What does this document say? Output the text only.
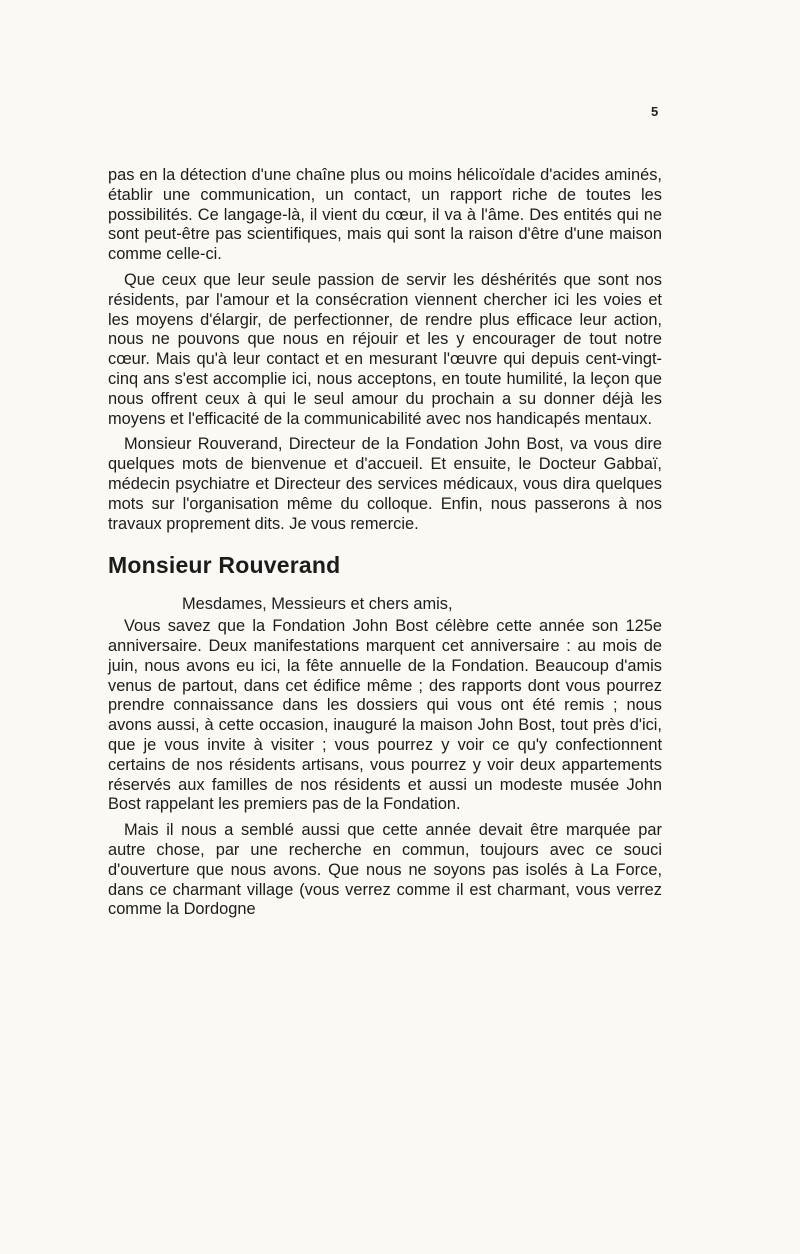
5

pas en la détection d'une chaîne plus ou moins hélicoïdale d'acides aminés, établir une communication, un contact, un rapport riche de toutes les possibilités. Ce langage-là, il vient du cœur, il va à l'âme. Des entités qui ne sont peut-être pas scientifiques, mais qui sont la raison d'être d'une maison comme celle-ci.

Que ceux que leur seule passion de servir les déshérités que sont nos résidents, par l'amour et la consécration viennent chercher ici les voies et les moyens d'élargir, de perfectionner, de rendre plus efficace leur action, nous ne pouvons que nous en réjouir et les y encourager de tout notre cœur. Mais qu'à leur contact et en mesurant l'œuvre qui depuis cent-vingt-cinq ans s'est accomplie ici, nous acceptons, en toute humilité, la leçon que nous offrent ceux à qui le seul amour du prochain a su donner déjà les moyens et l'efficacité de la communicabilité avec nos handicapés mentaux.

Monsieur Rouverand, Directeur de la Fondation John Bost, va vous dire quelques mots de bienvenue et d'accueil. Et ensuite, le Docteur Gabbaï, médecin psychiatre et Directeur des services médicaux, vous dira quelques mots sur l'organisation même du colloque. Enfin, nous passerons à nos travaux proprement dits. Je vous remercie.

Monsieur Rouverand

Mesdames, Messieurs et chers amis,

Vous savez que la Fondation John Bost célèbre cette année son 125e anniversaire. Deux manifestations marquent cet anniversaire : au mois de juin, nous avons eu ici, la fête annuelle de la Fondation. Beaucoup d'amis venus de partout, dans cet édifice même ; des rapports dont vous pourrez prendre connaissance dans les dossiers qui vous ont été remis ; nous avons aussi, à cette occasion, inauguré la maison John Bost, tout près d'ici, que je vous invite à visiter ; vous pourrez y voir ce qu'y confectionnent certains de nos résidents artisans, vous pourrez y voir deux appartements réservés aux familles de nos résidents et aussi un modeste musée John Bost rappelant les premiers pas de la Fondation.

Mais il nous a semblé aussi que cette année devait être marquée par autre chose, par une recherche en commun, toujours avec ce souci d'ouverture que nous avons. Que nous ne soyons pas isolés à La Force, dans ce charmant village (vous verrez comme il est charmant, vous verrez comme la Dordogne
